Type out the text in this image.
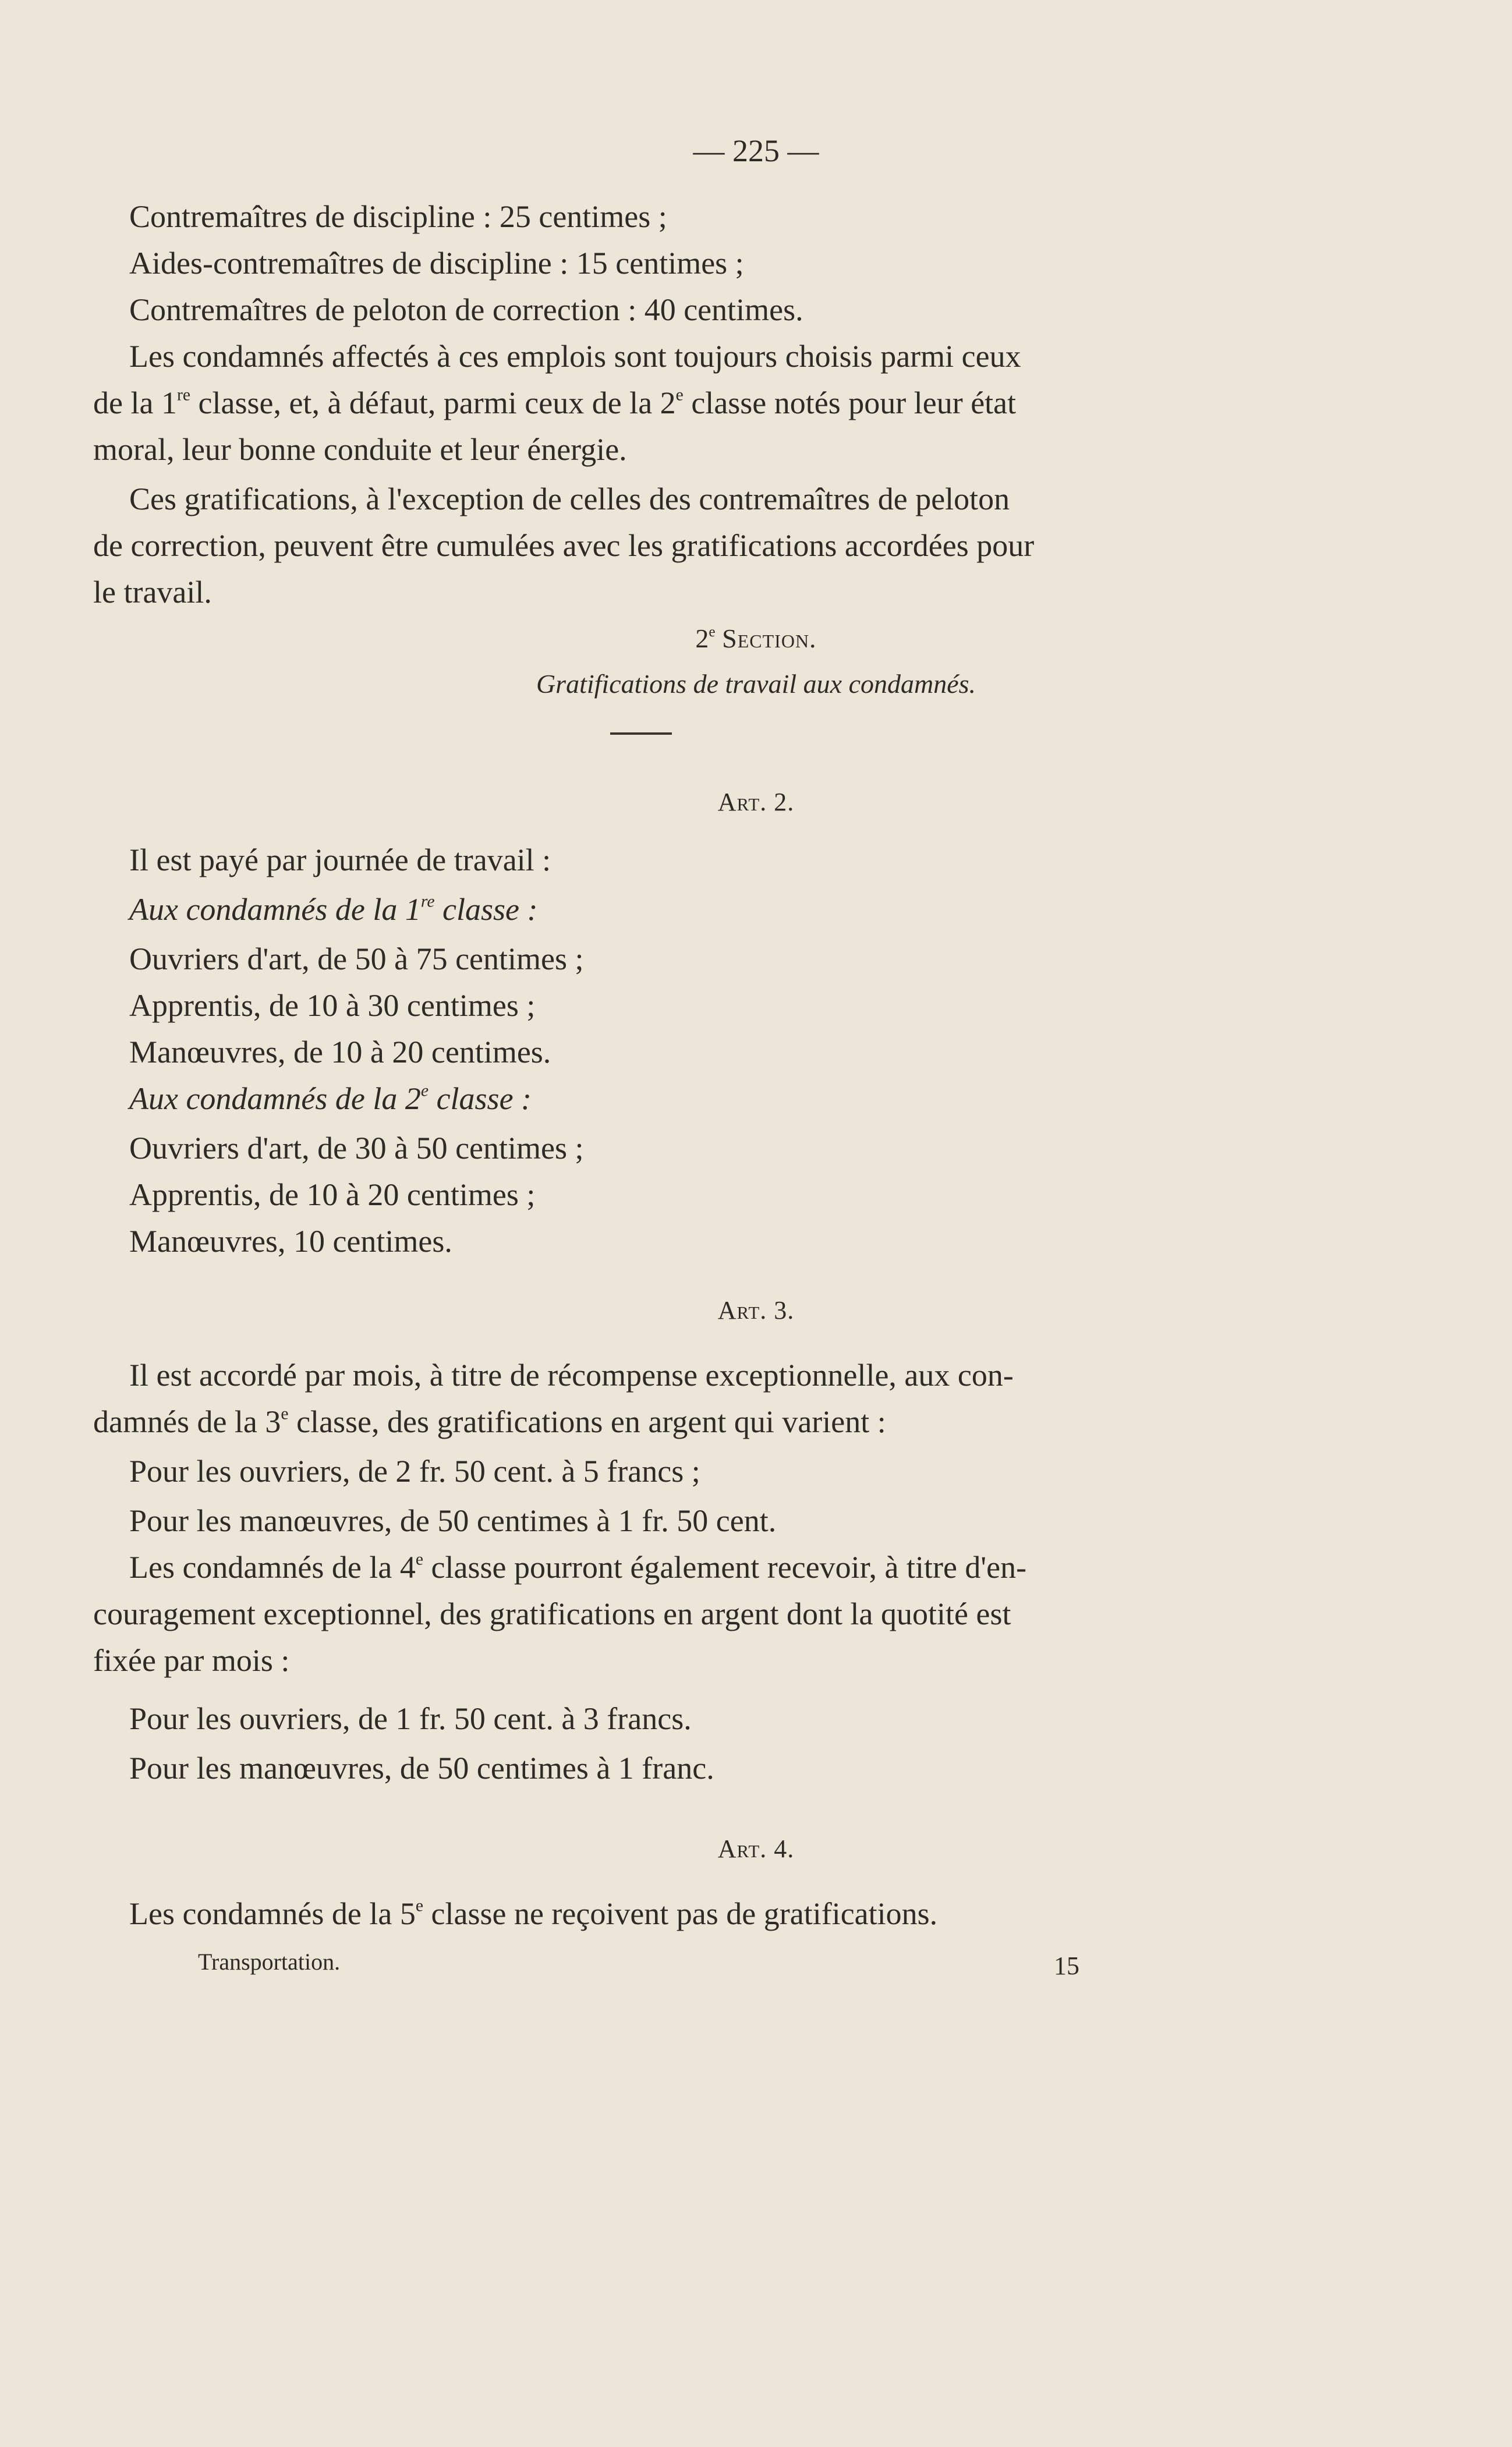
— 225 —
Contremaîtres de discipline : 25 centimes ;
Aides-contremaîtres de discipline : 15 centimes ;
Contremaîtres de peloton de correction : 40 centimes.
Les condamnés affectés à ces emplois sont toujours choisis parmi ceux
de la 1re classe, et, à défaut, parmi ceux de la 2e classe notés pour leur état
moral, leur bonne conduite et leur énergie.
Ces gratifications, à l'exception de celles des contremaîtres de peloton
de correction, peuvent être cumulées avec les gratifications accordées pour
le travail.
2e Section.
Gratifications de travail aux condamnés.
Art. 2.
Il est payé par journée de travail :
Aux condamnés de la 1re classe :
Ouvriers d'art, de 50 à 75 centimes ;
Apprentis, de 10 à 30 centimes ;
Manœuvres, de 10 à 20 centimes.
Aux condamnés de la 2e classe :
Ouvriers d'art, de 30 à 50 centimes ;
Apprentis, de 10 à 20 centimes ;
Manœuvres, 10 centimes.
Art. 3.
Il est accordé par mois, à titre de récompense exceptionnelle, aux con-
damnés de la 3e classe, des gratifications en argent qui varient :
Pour les ouvriers, de 2 fr. 50 cent. à 5 francs ;
Pour les manœuvres, de 50 centimes à 1 fr. 50 cent.
Les condamnés de la 4e classe pourront également recevoir, à titre d'en-
couragement exceptionnel, des gratifications en argent dont la quotité est
fixée par mois :
Pour les ouvriers, de 1 fr. 50 cent. à 3 francs.
Pour les manœuvres, de 50 centimes à 1 franc.
Art. 4.
Les condamnés de la 5e classe ne reçoivent pas de gratifications.
Transportation.	15
